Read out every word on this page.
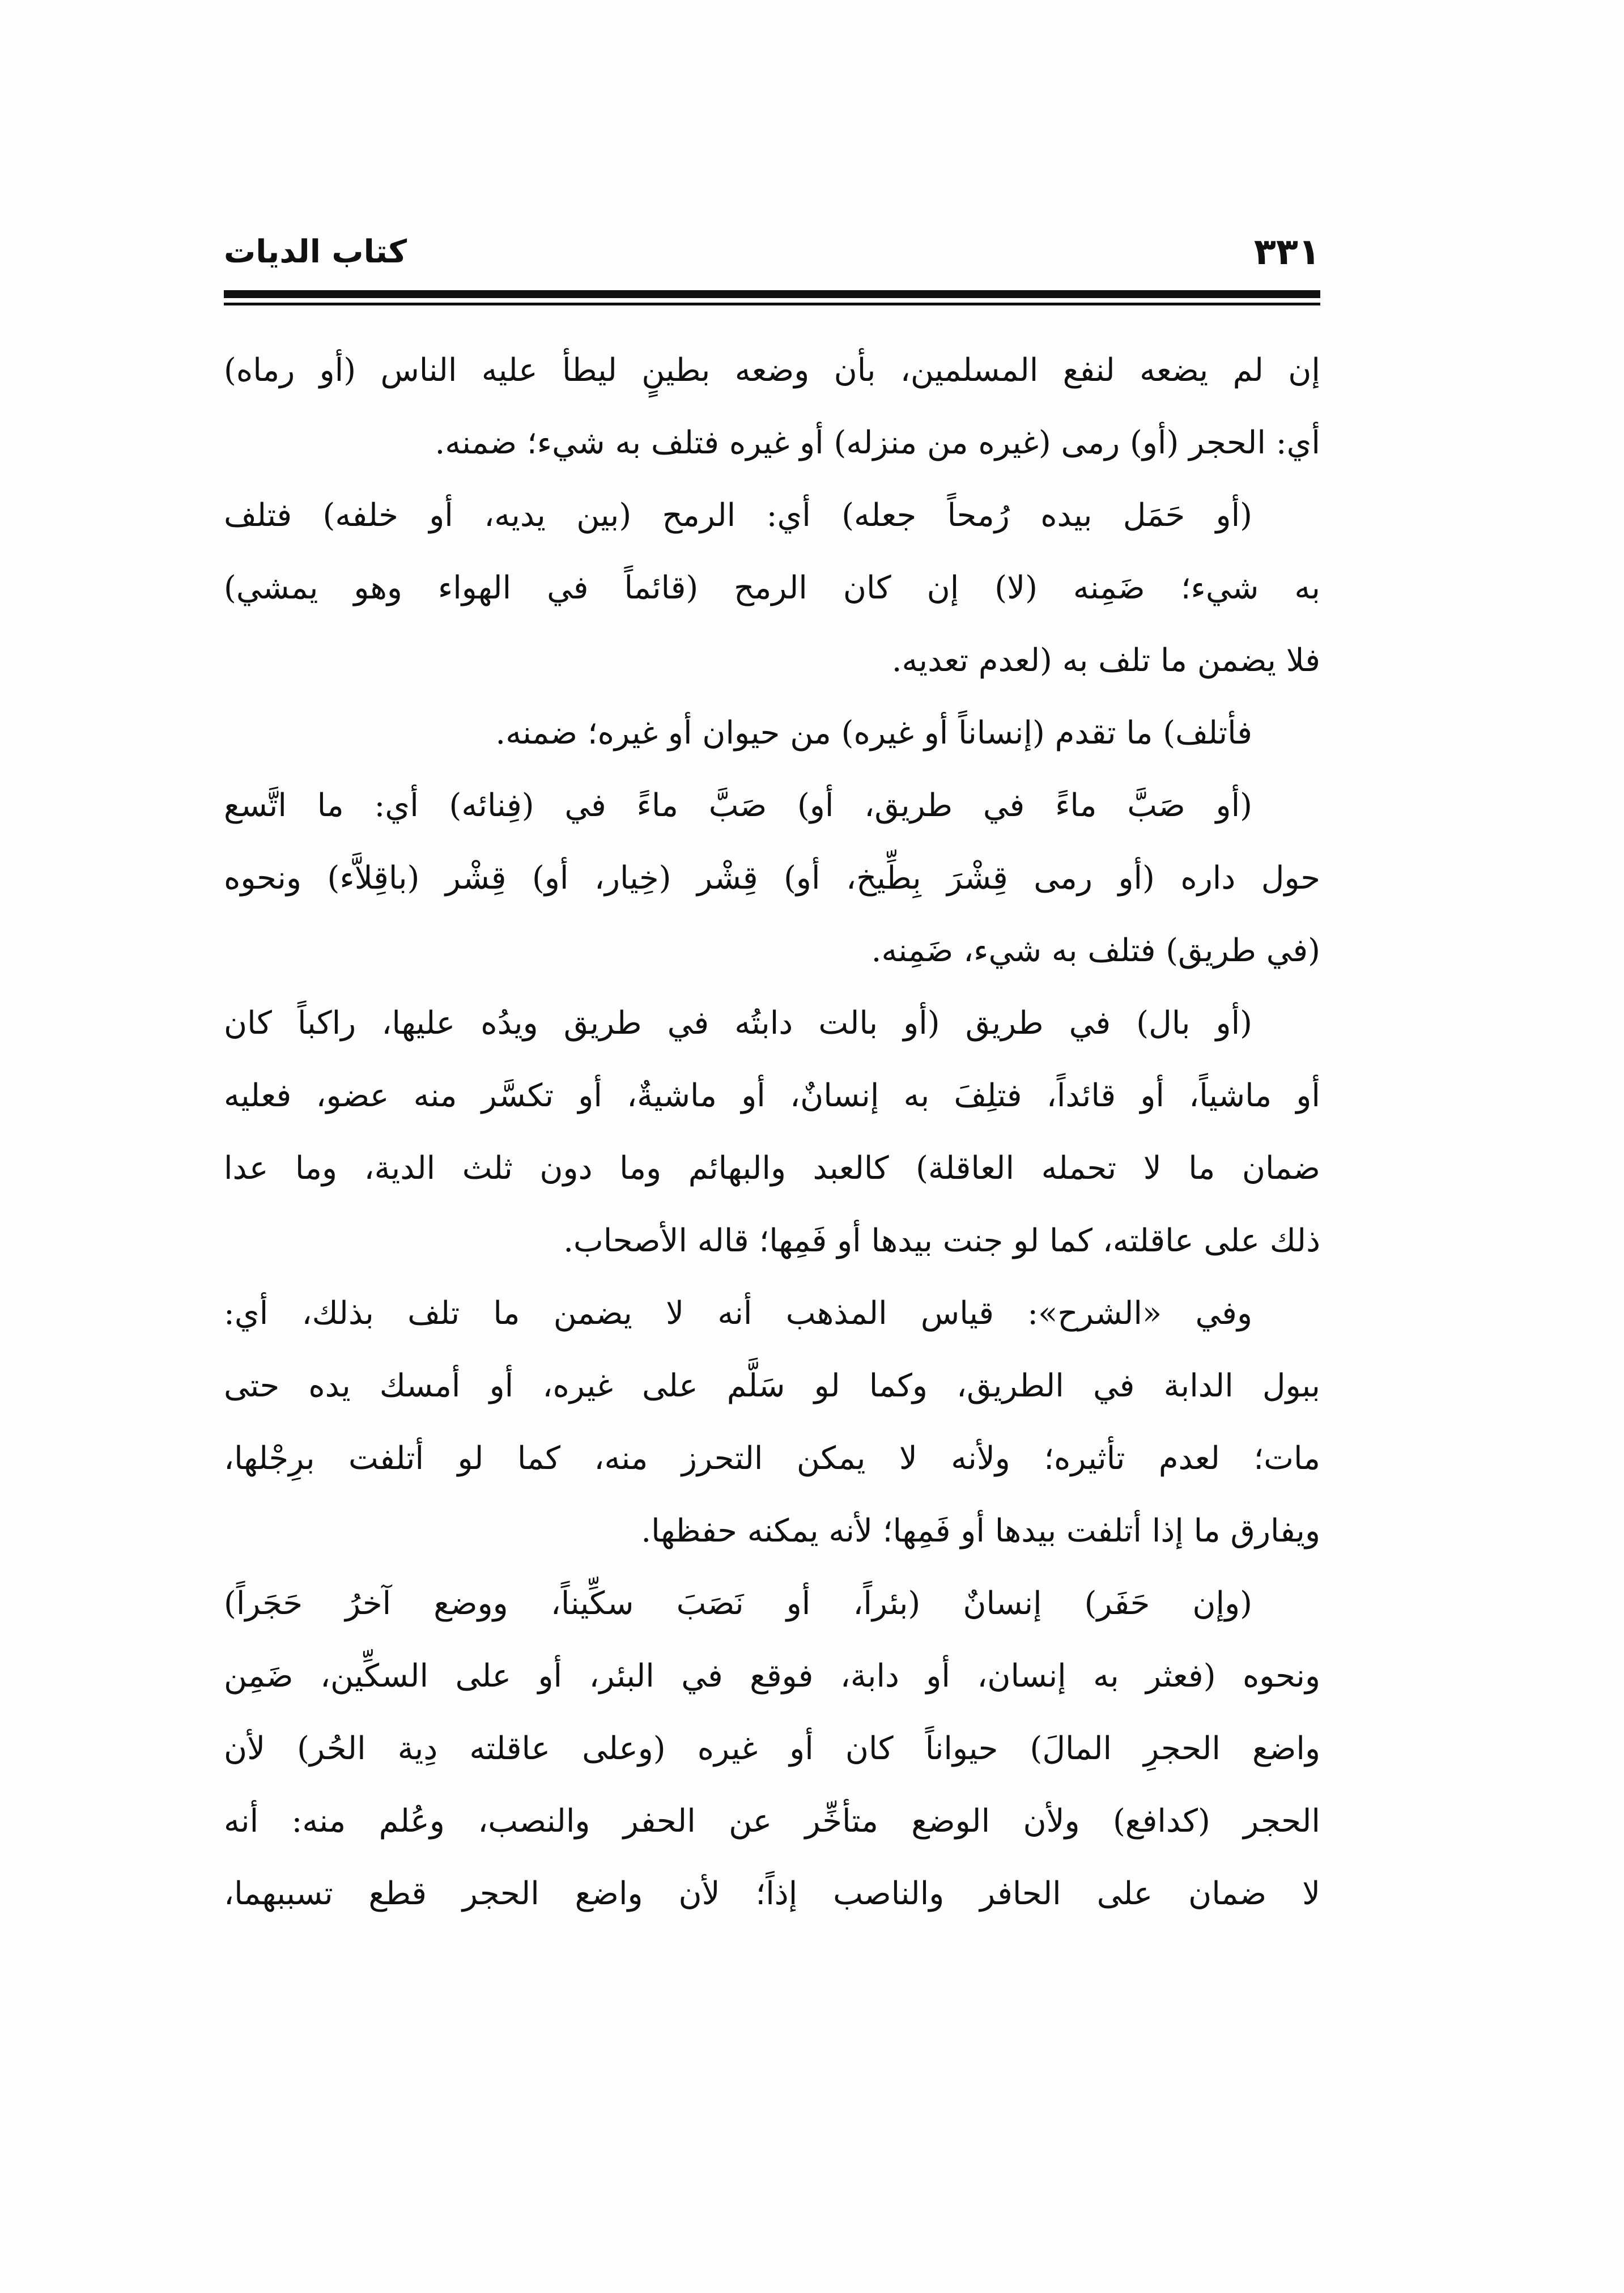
٣٣١
كتاب الديات
إن لم يضعه لنفع المسلمين، بأن وضعه بطينٍ ليطأ عليه الناس (أو رماه)
أي: الحجر (أو) رمى (غيره من منزله) أو غيره فتلف به شيء؛ ضمنه.
(أو حَمَل بيده رُمحاً جعله) أي: الرمح (بين يديه، أو خلفه) فتلف
به شيء؛ ضَمِنه (لا) إن كان الرمح (قائماً في الهواء وهو يمشي)
فلا يضمن ما تلف به (لعدم تعديه.
فأتلف) ما تقدم (إنساناً أو غيره) من حيوان أو غيره؛ ضمنه.
(أو صَبَّ ماءً في طريق، أو) صَبَّ ماءً في (فِنائه) أي: ما اتَّسع
حول داره (أو رمى قِشْرَ بِطِّيخ، أو) قِشْر (خِيار، أو) قِشْر (باقِلاَّء) ونحوه
(في طريق) فتلف به شيء، ضَمِنه.
(أو بال) في طريق (أو بالت دابتُه في طريق ويدُه عليها، راكباً كان
أو ماشياً، أو قائداً، فتلِفَ به إنسانٌ، أو ماشيةٌ، أو تكسَّر منه عضو، فعليه
ضمان ما لا تحمله العاقلة) كالعبد والبهائم وما دون ثلث الدية، وما عدا
ذلك على عاقلته، كما لو جنت بيدها أو فَمِها؛ قاله الأصحاب.
وفي «الشرح»: قياس المذهب أنه لا يضمن ما تلف بذلك، أي:
ببول الدابة في الطريق، وكما لو سَلَّم على غيره، أو أمسك يده حتى
مات؛ لعدم تأثيره؛ ولأنه لا يمكن التحرز منه، كما لو أتلفت برِجْلها،
ويفارق ما إذا أتلفت بيدها أو فَمِها؛ لأنه يمكنه حفظها.
(وإن حَفَر) إنسانٌ (بئراً، أو نَصَبَ سكِّيناً، ووضع آخرُ حَجَراً)
ونحوه (فعثر به إنسان، أو دابة، فوقع في البئر، أو على السكِّين، ضَمِن
واضع الحجرِ المالَ) حيواناً كان أو غيره (وعلى عاقلته دِية الحُر) لأن
الحجر (كدافع) ولأن الوضع متأخِّر عن الحفر والنصب، وعُلم منه: أنه
لا ضمان على الحافر والناصب إذاً؛ لأن واضع الحجر قطع تسببهما،
